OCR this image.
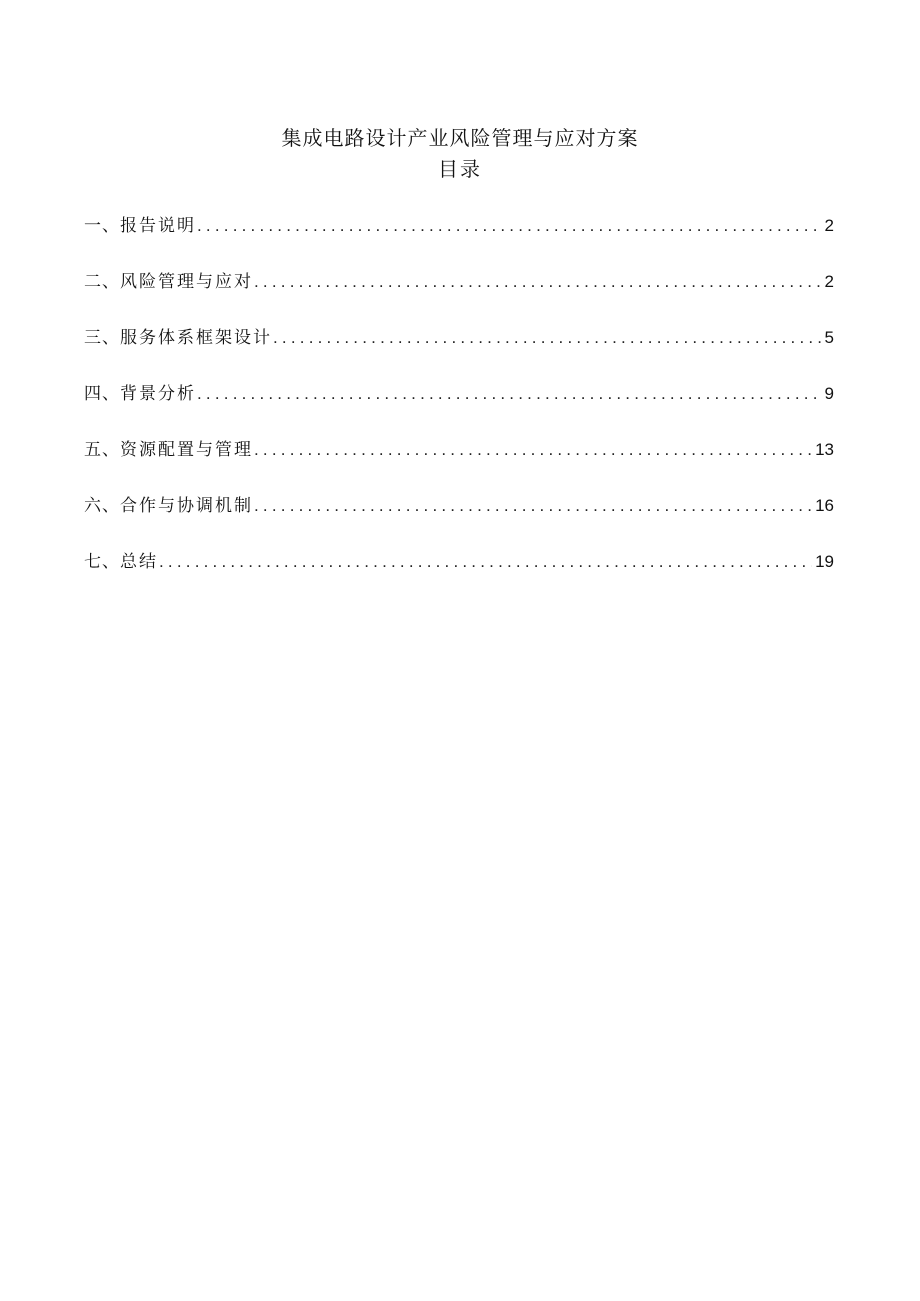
集成电路设计产业风险管理与应对方案
目录
一、 报告说明 .....	2
二、 风险管理与应对 .....	2
三、 服务体系框架设计 .....	5
四、 背景分析 .....	9
五、 资源配置与管理 .....	13
六、 合作与协调机制 .....	16
七、 总结 .....	19
